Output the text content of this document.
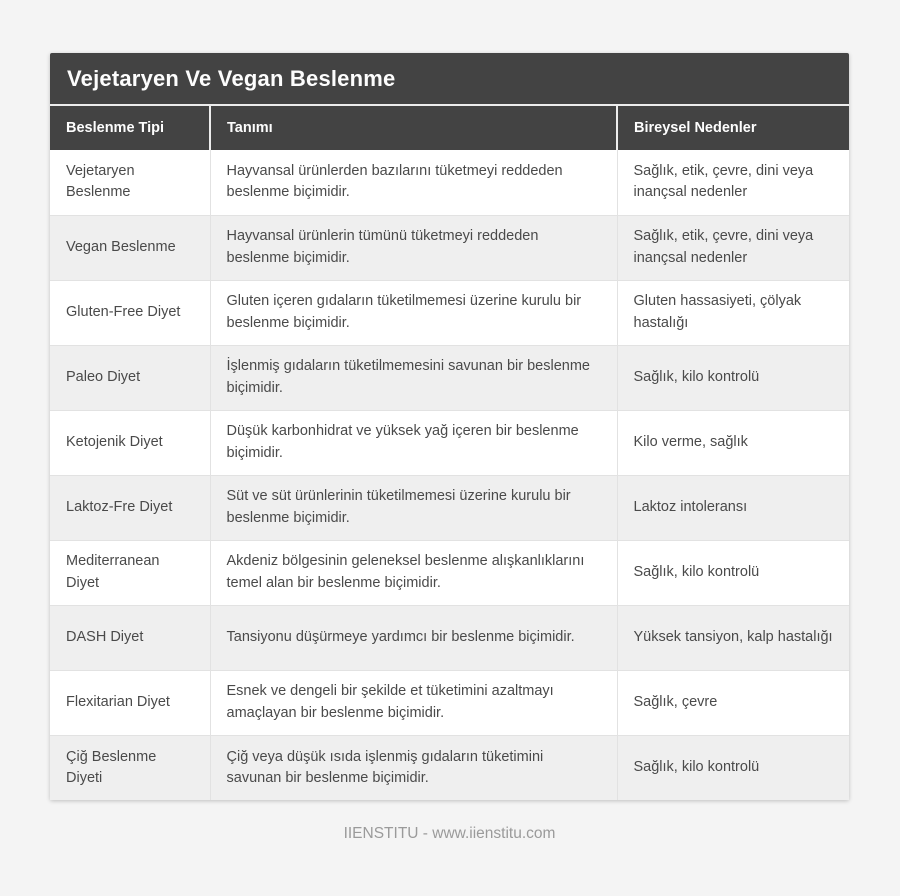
Vejetaryen Ve Vegan Beslenme
Beslenme Tipi	Tanımı	Bireysel Nedenler
Vejetaryen Beslenme	Hayvansal ürünlerden bazılarını tüketmeyi reddeden beslenme biçimidir.	Sağlık, etik, çevre, dini veya inançsal nedenler
Vegan Beslenme	Hayvansal ürünlerin tümünü tüketmeyi reddeden beslenme biçimidir.	Sağlık, etik, çevre, dini veya inançsal nedenler
Gluten-Free Diyet	Gluten içeren gıdaların tüketilmemesi üzerine kurulu bir beslenme biçimidir.	Gluten hassasiyeti, çölyak hastalığı
Paleo Diyet	İşlenmiş gıdaların tüketilmemesini savunan bir beslenme biçimidir.	Sağlık, kilo kontrolü
Ketojenik Diyet	Düşük karbonhidrat ve yüksek yağ içeren bir beslenme biçimidir.	Kilo verme, sağlık
Laktoz-Fre Diyet	Süt ve süt ürünlerinin tüketilmemesi üzerine kurulu bir beslenme biçimidir.	Laktoz intoleransı
Mediterranean Diyet	Akdeniz bölgesinin geleneksel beslenme alışkanlıklarını temel alan bir beslenme biçimidir.	Sağlık, kilo kontrolü
DASH Diyet	Tansiyonu düşürmeye yardımcı bir beslenme biçimidir.	Yüksek tansiyon, kalp hastalığı
Flexitarian Diyet	Esnek ve dengeli bir şekilde et tüketimini azaltmayı amaçlayan bir beslenme biçimidir.	Sağlık, çevre
Çiğ Beslenme Diyeti	Çiğ veya düşük ısıda işlenmiş gıdaların tüketimini savunan bir beslenme biçimidir.	Sağlık, kilo kontrolü
IIENSTITU - www.iienstitu.com
